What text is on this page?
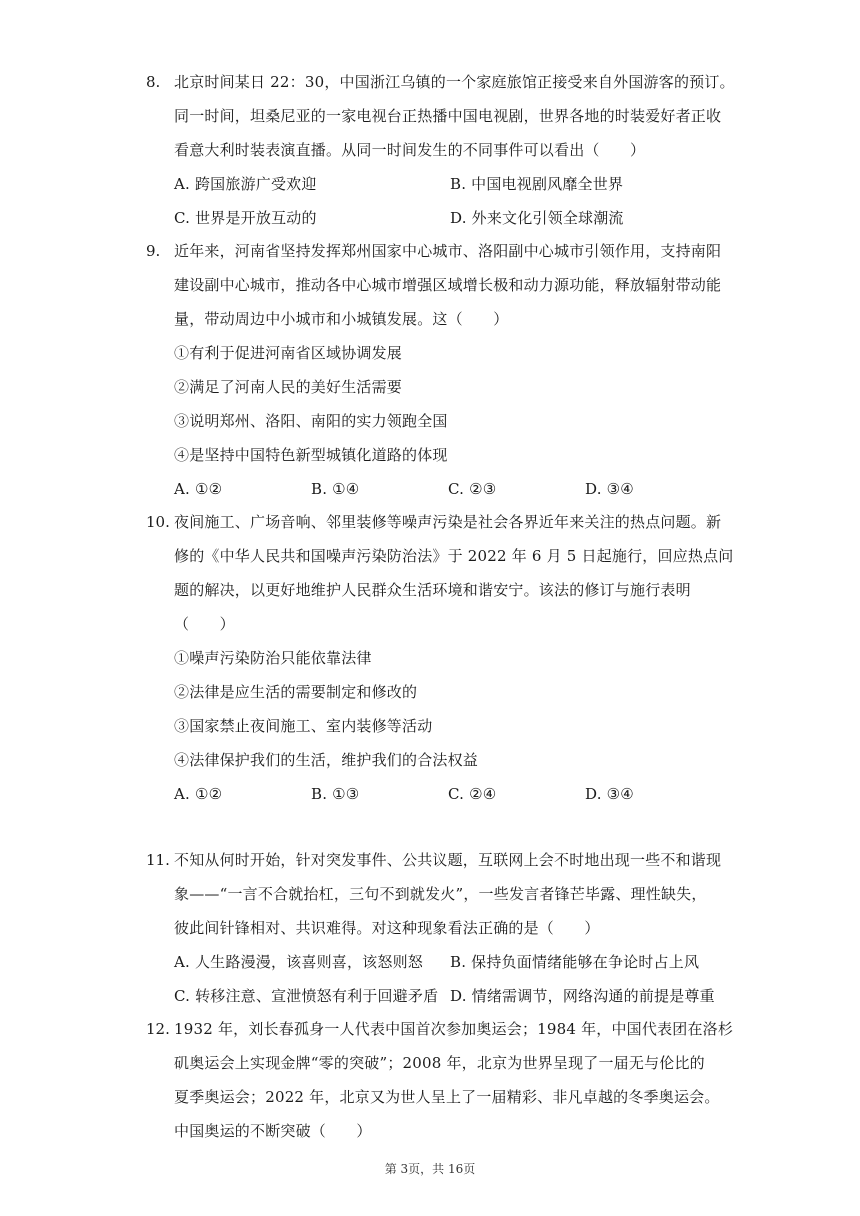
8. 北京时间某日 22：30，中国浙江乌镇的一个家庭旅馆正接受来自外国游客的预订。
同一时间，坦桑尼亚的一家电视台正热播中国电视剧，世界各地的时装爱好者正收
看意大利时装表演直播。从同一时间发生的不同事件可以看出（　　）
A. 跨国旅游广受欢迎	B. 中国电视剧风靡全世界
C. 世界是开放互动的	D. 外来文化引领全球潮流
9. 近年来，河南省坚持发挥郑州国家中心城市、洛阳副中心城市引领作用，支持南阳
建设副中心城市，推动各中心城市增强区域增长极和动力源功能，释放辐射带动能
量，带动周边中小城市和小城镇发展。这（　　）
①有利于促进河南省区域协调发展
②满足了河南人民的美好生活需要
③说明郑州、洛阳、南阳的实力领跑全国
④是坚持中国特色新型城镇化道路的体现
A. ①②	B. ①④	C. ②③	D. ③④
10. 夜间施工、广场音响、邻里装修等噪声污染是社会各界近年来关注的热点问题。新
修的《中华人民共和国噪声污染防治法》于 2022 年 6 月 5 日起施行，回应热点问
题的解决，以更好地维护人民群众生活环境和谐安宁。该法的修订与施行表明
（　　）
①噪声污染防治只能依靠法律
②法律是应生活的需要制定和修改的
③国家禁止夜间施工、室内装修等活动
④法律保护我们的生活，维护我们的合法权益
A. ①②	B. ①③	C. ②④	D. ③④
11. 不知从何时开始，针对突发事件、公共议题，互联网上会不时地出现一些不和谐现
象——“一言不合就抬杠，三句不到就发火”，一些发言者锋芒毕露、理性缺失，
彼此间针锋相对、共识难得。对这种现象看法正确的是（　　）
A. 人生路漫漫，该喜则喜，该怒则怒	B. 保持负面情绪能够在争论时占上风
C. 转移注意、宣泄愤怒有利于回避矛盾 D. 情绪需调节，网络沟通的前提是尊重
12. 1932 年，刘长春孤身一人代表中国首次参加奥运会；1984 年，中国代表团在洛杉
矶奥运会上实现金牌“零的突破”；2008 年，北京为世界呈现了一届无与伦比的
夏季奥运会；2022 年，北京又为世人呈上了一届精彩、非凡卓越的冬季奥运会。
中国奥运的不断突破（　　）
第 3页，共 16页
